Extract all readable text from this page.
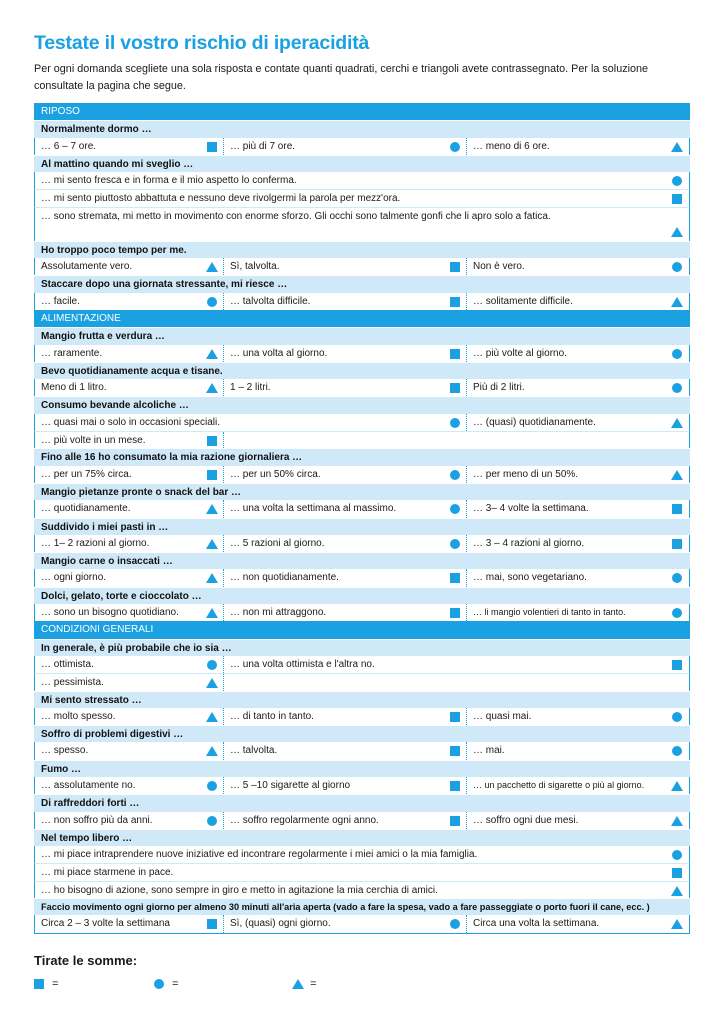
Testate il vostro rischio di iperacidità

Per ogni domanda scegliete una sola risposta e contate quanti quadrati, cerchi e triangoli avete contrassegnato. Per la soluzione consultate la pagina che segue.

RIPOSO
Normalmente dormo …
… 6 – 7 ore.	… più di 7 ore.	… meno di 6 ore.
Al mattino quando mi sveglio …
… mi sento fresca e in forma e il mio aspetto lo conferma.
… mi sento piuttosto abbattuta e nessuno deve rivolgermi la parola per mezz'ora.
… sono stremata, mi metto in movimento con enorme sforzo. Gli occhi sono talmente gonfi che li apro solo a fatica.
Ho troppo poco tempo per me.
Assolutamente vero.	Sì, talvolta.	Non è vero.
Staccare dopo una giornata stressante, mi riesce …
… facile.	… talvolta difficile.	… solitamente difficile.
ALIMENTAZIONE
Mangio frutta e verdura …
… raramente.	… una volta al giorno.	… più volte al giorno.
Bevo quotidianamente acqua e tisane.
Meno di 1 litro.	1 – 2 litri.	Più di 2 litri.
Consumo bevande alcoliche …
… quasi mai o solo in occasioni speciali.	… (quasi) quotidianamente.
… più volte in un mese.
Fino alle 16 ho consumato la mia razione giornaliera …
… per un 75% circa.	… per un 50% circa.	… per meno di un 50%.
Mangio pietanze pronte o snack del bar …
… quotidianamente.	… una volta la settimana al massimo.	… 3– 4 volte la settimana.
Suddivido i miei pasti in …
… 1– 2 razioni al giorno.	… 5 razioni al giorno.	… 3 – 4 razioni al giorno.
Mangio carne o insaccati …
… ogni giorno.	… non quotidianamente.	… mai, sono vegetariano.
Dolci, gelato, torte e cioccolato …
… sono un bisogno quotidiano.	… non mi attraggono.	… li mangio volentieri di tanto in tanto.
CONDIZIONI GENERALI
In generale, è più probabile che io sia …
… ottimista.	… una volta ottimista e l'altra no.
… pessimista.
Mi sento stressato …
… molto spesso.	… di tanto in tanto.	… quasi mai.
Soffro di problemi digestivi …
… spesso.	… talvolta.	… mai.
Fumo …
… assolutamente no.	… 5 –10 sigarette al giorno	… un pacchetto di sigarette o più al giorno.
Di raffreddori forti …
… non soffro più da anni.	… soffro regolarmente ogni anno.	… soffro ogni due mesi.
Nel tempo libero …
… mi piace intraprendere nuove iniziative ed incontrare regolarmente i miei amici o la mia famiglia.
… mi piace starmene in pace.
… ho bisogno di azione, sono sempre in giro e metto in agitazione la mia cerchia di amici.
Faccio movimento ogni giorno per almeno 30 minuti all'aria aperta (vado a fare la spesa, vado a fare passeggiate o porto fuori il cane, ecc. )
Circa 2 – 3 volte la settimana	Sì, (quasi) ogni giorno.	Circa una volta la settimana.
Tirate le somme:
=	=	=
